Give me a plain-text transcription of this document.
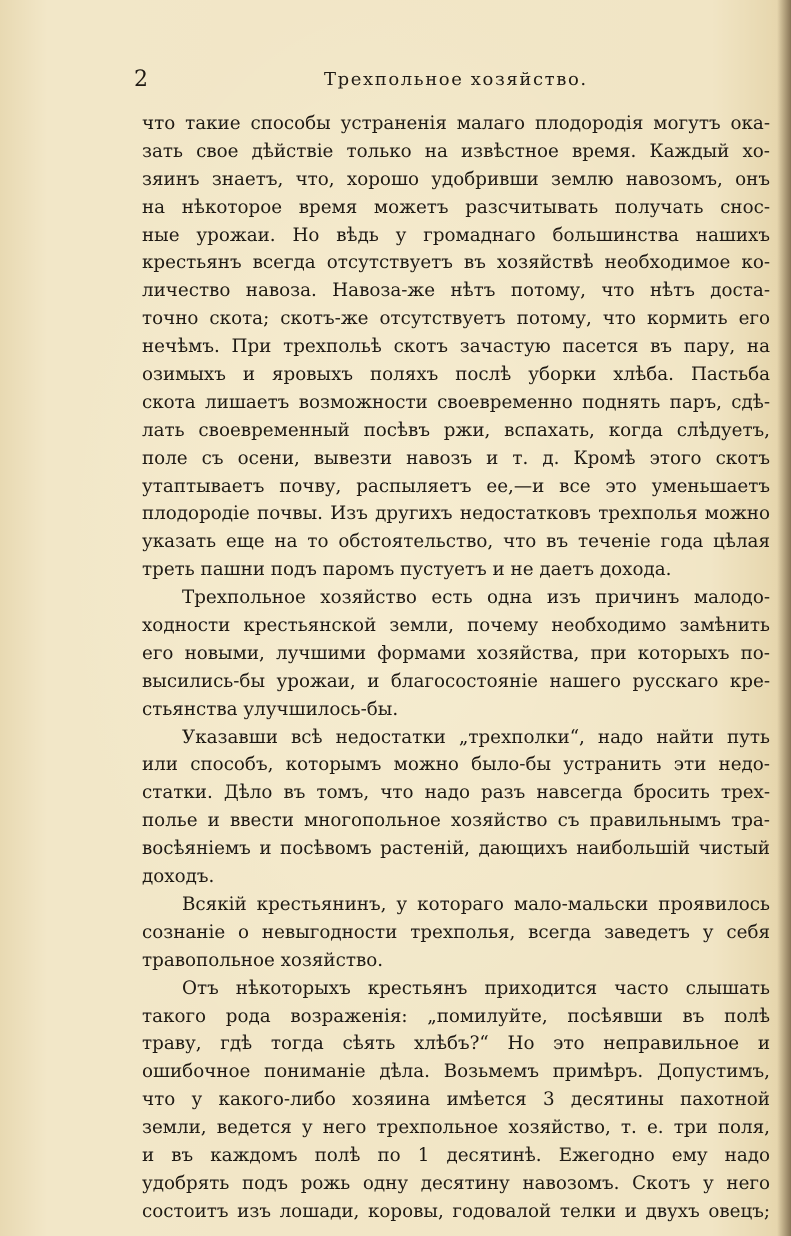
2	Трехпольное хозяйство.
что такие способы устраненія малаго плодородія могутъ ока-
зать свое дѣйствіе только на извѣстное время. Каждый хо-
зяинъ знаетъ, что, хорошо удобривши землю навозомъ, онъ
на нѣкоторое время можетъ разсчитывать получать снос-
ные урожаи. Но вѣдь у громаднаго большинства нашихъ
крестьянъ всегда отсутствуетъ въ хозяйствѣ необходимое ко-
личество навоза. Навоза-же нѣтъ потому, что нѣтъ доста-
точно скота; скотъ-же отсутствуетъ потому, что кормить его
нечѣмъ. При трехпольѣ скотъ зачастую пасется въ пару, на
озимыхъ и яровыхъ поляхъ послѣ уборки хлѣба. Пастьба
скота лишаетъ возможности своевременно поднять паръ, сдѣ-
лать своевременный посѣвъ ржи, вспахать, когда слѣдуетъ,
поле съ осени, вывезти навозъ и т. д. Кромѣ этого скотъ
утаптываетъ почву, распыляетъ ее,—и все это уменьшаетъ
плодородіе почвы. Изъ другихъ недостатковъ трехполья можно
указать еще на то обстоятельство, что въ теченіе года цѣлая
треть пашни подъ паромъ пустуетъ и не даетъ дохода.
Трехпольное хозяйство есть одна изъ причинъ малодо-
ходности крестьянской земли, почему необходимо замѣнить
его новыми, лучшими формами хозяйства, при которыхъ по-
высились-бы урожаи, и благосостояніе нашего русскаго кре-
стьянства улучшилось-бы.
Указавши всѣ недостатки „трехполки“, надо найти путь
или способъ, которымъ можно было-бы устранить эти недо-
статки. Дѣло въ томъ, что надо разъ навсегда бросить трех-
полье и ввести многопольное хозяйство съ правильнымъ тра-
восѣяніемъ и посѣвомъ растеній, дающихъ наибольшій чистый
доходъ.
Всякій крестьянинъ, у котораго мало-мальски проявилось
сознаніе о невыгодности трехполья, всегда заведетъ у себя
травопольное хозяйство.
Отъ нѣкоторыхъ крестьянъ приходится часто слышать
такого рода возраженія: „помилуйте, посѣявши въ полѣ
траву, гдѣ тогда сѣять хлѣбъ?“ Но это неправильное и
ошибочное пониманіе дѣла. Возьмемъ примѣръ. Допустимъ,
что у какого-либо хозяина имѣется 3 десятины пахотной
земли, ведется у него трехпольное хозяйство, т. е. три поля,
и въ каждомъ полѣ по 1 десятинѣ. Ежегодно ему надо
удобрять подъ рожь одну десятину навозомъ. Скотъ у него
состоитъ изъ лошади, коровы, годовалой телки и двухъ овецъ;
